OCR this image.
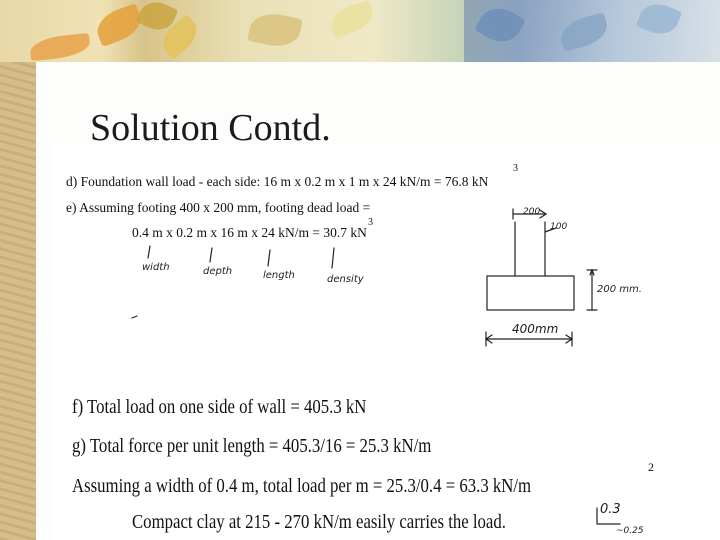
Solution Contd.
d) Foundation wall load - each side: 16 m x 0.2 m x 1 m x 24 kN/m = 76.8 kN
3
e) Assuming footing 400 x 200 mm, footing dead load =
0.4 m x 0.2 m x 16 m x 24 kN/m = 30.7 kN
3
width	depth	length	density
200
100
200 mm.
400mm
f) Total load on one side of wall = 405.3 kN
g) Total force per unit length = 405.3/16 = 25.3 kN/m
Assuming a width of 0.4 m, total load per m = 25.3/0.4 = 63.3 kN/m
2
Compact clay at 215 - 270 kN/m easily carries the load.
0.3
~0.25
